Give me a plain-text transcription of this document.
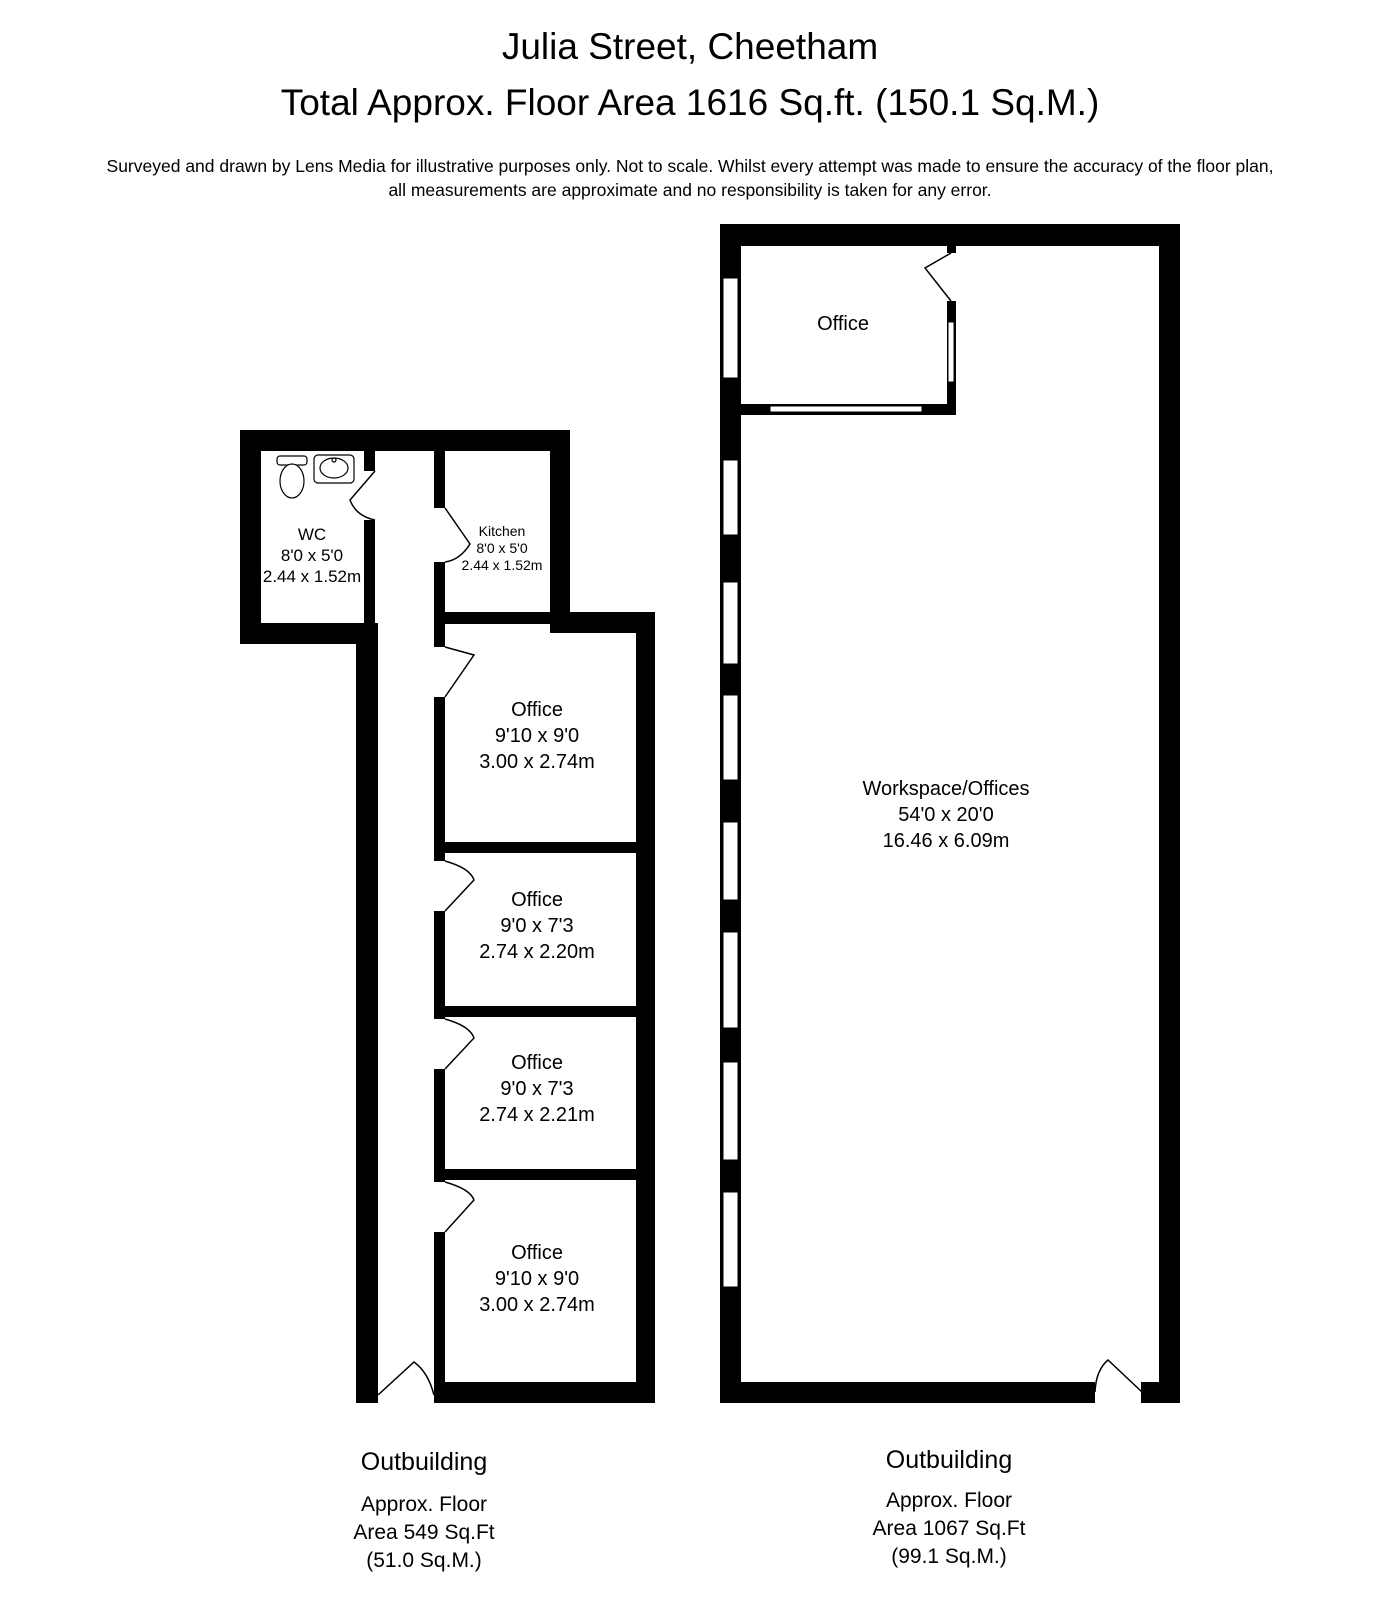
Julia Street, Cheetham
Total Approx. Floor Area 1616 Sq.ft. (150.1 Sq.M.)
Surveyed and drawn by Lens Media for illustrative purposes only. Not to scale. Whilst every attempt was made to ensure the accuracy of the floor plan,
all measurements are approximate and no responsibility is taken for any error.
WC
8'0 x 5'0
2.44 x 1.52m
Kitchen
8'0 x 5'0
2.44 x 1.52m
Office
9'10 x 9'0
3.00 x 2.74m
Office
9'0 x 7'3
2.74 x 2.20m
Office
9'0 x 7'3
2.74 x 2.21m
Office
9'10 x 9'0
3.00 x 2.74m
Office
Workspace/Offices
54'0 x 20'0
16.46 x 6.09m
Outbuilding
Approx. Floor
Area 549 Sq.Ft
(51.0 Sq.M.)
Outbuilding
Approx. Floor
Area 1067 Sq.Ft
(99.1 Sq.M.)
